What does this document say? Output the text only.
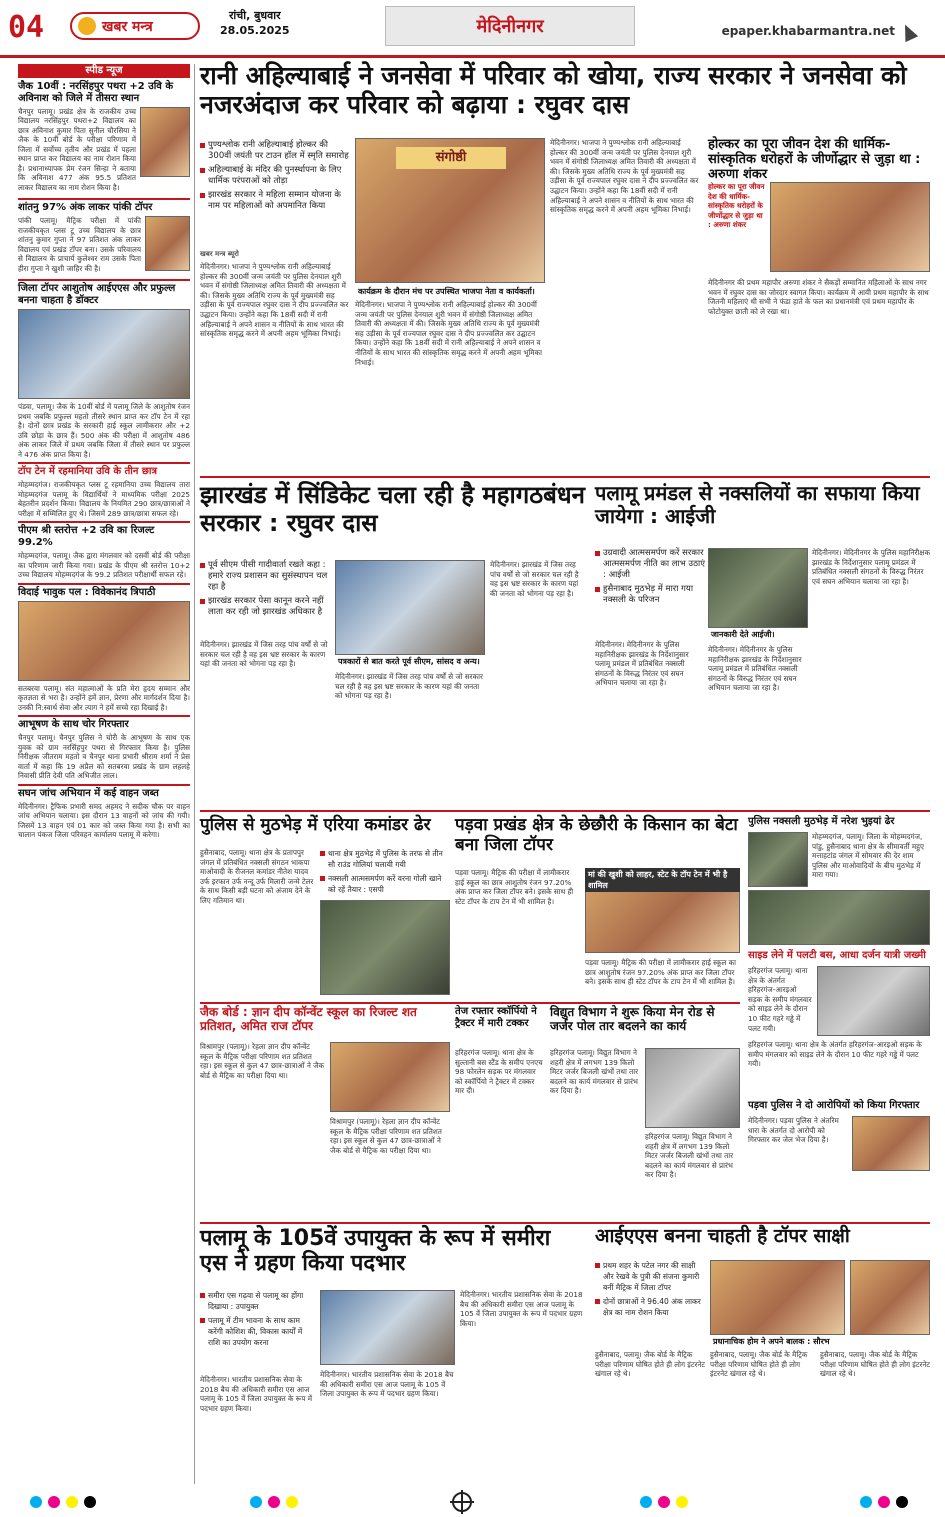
04	खबर मन्त्र
रांची, बुधवार
28.05.2025	मेदिनीनगर	epaper.khabarmantra.net
स्पीड न्यूज
जैक 10वीं : नरसिंहपुर पथरा +2 उवि के अविनाश को जिले में तीसरा स्थान
चैनपुर पलामू। प्रखंड क्षेत्र के राजकीय उच्च विद्यालय नरसिंहपुर पथरा+2 विद्यालय का छात्र अविनाश कुमार पिता सुनील चौरसिया ने जैक के 10वीं बोर्ड के परीक्षा परिणाम में जिला में सर्वोच्च तृतीय और प्रखंड में पहला स्थान प्राप्त कर विद्यालय का नाम रोशन किया है। प्रधानाध्यापक प्रेम रंजन सिन्हा ने बताया कि अविनाश 477 अंक 95.5 प्रतिशत लाकर विद्यालय का नाम रोशन किया है।
शांतनु 97% अंक लाकर पांकी टॉपर
पांकी पलामू। मैट्रिक परीक्षा में पांकी राजकीयकृत प्लस टू उच्च विद्यालय के छात्र शांतनु कुमार गुप्ता ने 97 प्रतिशत अंक लाकर विद्यालय एवं प्रखंड टॉपर बना। उसके परिवालय से विद्यालय के प्राचार्य कुलेश्वर राम उसके पिता हीरा गुप्ता ने खुशी जाहिर की है।
जिला टॉपर आशुतोष आईएएस और प्रफुल्ल बनना चाहता है डॉक्टर
पंडवा, पलामू। जैक के 10वीं बोर्ड में पलामू जिले के आशुतोष रंजन प्रथम जबकि प्रफुल्ल महतो तीसरे स्थान प्राप्त कर टॉप टेन में रहा है। दोनों छात्र प्रखंड के सरकारी हाई स्कूल लामीकरार और +2 उवि छोड़ा के छात्र हैं। 500 अंक की परीक्षा में आशुतोष 486 अंक लाकर जिले में प्रथम जबकि जिला में तीसरे स्थान पर प्रफुल्ल ने 476 अंक प्राप्त किया है।
टॉप टेन में रहमानिया उवि के तीन छात्र
मोहम्मदगंज। राजकीयकृत प्लस टू रहमानिया उच्च विद्यालय तारा मोहम्मदगंज पलामू के विद्यार्थियों ने माध्यमिक परीक्षा 2025 बेहतरीन प्रदर्शन किया। विद्यालय के नियमित 290 छात्र/छात्राओं ने परीक्षा में सम्मिलित हुए थे। जिसमें 289 छात्र/छात्रा सफल रहे।
पीएम श्री स्तरोत्त +2 उवि का रिजल्ट 99.2%
मोहम्मदगंज, पलामू। जैक द्वारा मंगलवार को दसवीं बोर्ड की परीक्षा का परिणाम जारी किया गया। प्रखंड के पीएम श्री स्तरोत्त 10+2 उच्च विद्यालय मोहम्मदगंज के 99.2 प्रतिशत परीक्षार्थी सफल रहे।
विदाई भावुक पल : विवेकानंद त्रिपाठी
सतबरवा पलामू। संत महात्माओं के प्रति मेरा हृदय सम्मान और कृतज्ञता से भरा है। उन्होंने हमें ज्ञान, प्रेरणा और मार्गदर्शन दिया है। उनकी नि:स्वार्थ सेवा और त्याग ने हमें सच्चे रहा दिखाई है।
आभूषण के साथ चोर गिरफ्तार
चैनपुर पलामू। चैनपुर पुलिस ने चोरी के आभूषण के साथ एक युवक को ग्राम नरसिंहपुर पथरा से गिरफ्तार किया है। पुलिस निरीक्षक जीतराम महतो व चैनपुर थाना प्रभारी श्रीराम शर्मा ने प्रेस वार्ता में कहा कि 19 अप्रैल को सतबरवा प्रखंड के ग्राम लहलहे निवासी प्रीति देवी पति अभिजीत लाल।
सघन जांच अभियान में कई वाहन जब्त
मेदिनीनगर। ट्रैफिक प्रभारी समद अहमद ने सदीक चौक पर वाहन जांच अभियान चलाया। इस दौरान 13 वाहनों को जांच की गयी। जिसमें 13 वाहन एवं 01 कार को जब्त किया गया है। सभी का चालान पंकज जिला परिवहन कार्यालय पलामू में करेगा।
रानी अहिल्याबाई ने जनसेवा में परिवार को खोया, राज्य सरकार ने जनसेवा को नजरअंदाज कर परिवार को बढ़ाया : रघुवर दास
पुण्यश्लोक रानी अहिल्याबाई होल्कर की 300वीं जयंती पर टाउन हॉल में स्मृति समारोह
अहिल्याबाई के मंदिर की पुनर्स्थापना के लिए धार्मिक परंपराओं को तोड़ा
झारखंड सरकार ने महिला सम्मान योजना के नाम पर महिलाओं को अपमानित किया
खबर मन्त्र ब्यूरो
संगोष्ठी
कार्यक्रम के दौरान मंच पर उपस्थित भाजपा नेता व कार्यकर्ता।
मेदिनीनगर। भाजपा ने पुण्यश्लोक रानी अहिल्याबाई होल्कर की 300वीं जन्म जयंती पर पुलिस देनयाल शुरी भवन में संगोष्ठी जिलाध्यक्ष अमित तिवारी की अध्यक्षता में की। जिसके मुख्य अतिथि राज्य के पूर्व मुख्यमंत्री सह उड़ीसा के पूर्व राज्यपाल रघुवर दास ने दीप प्रज्ज्वलित कर उद्घाटन किया। उन्होंने कहा कि 18वीं सदी में रानी अहिल्याबाई ने अपने शासन व नीतियों के साथ भारत की सांस्कृतिक समृद्ध करने में अपनी अहम भूमिका निभाई।
मेदिनीनगर। भाजपा ने पुण्यश्लोक रानी अहिल्याबाई होल्कर की 300वीं जन्म जयंती पर पुलिस देनयाल शुरी भवन में संगोष्ठी जिलाध्यक्ष अमित तिवारी की अध्यक्षता में की। जिसके मुख्य अतिथि राज्य के पूर्व मुख्यमंत्री सह उड़ीसा के पूर्व राज्यपाल रघुवर दास ने दीप प्रज्ज्वलित कर उद्घाटन किया। उन्होंने कहा कि 18वीं सदी में रानी अहिल्याबाई ने अपने शासन व नीतियों के साथ भारत की सांस्कृतिक समृद्ध करने में अपनी अहम भूमिका निभाई।
मेदिनीनगर। भाजपा ने पुण्यश्लोक रानी अहिल्याबाई होल्कर की 300वीं जन्म जयंती पर पुलिस देनयाल शुरी भवन में संगोष्ठी जिलाध्यक्ष अमित तिवारी की अध्यक्षता में की। जिसके मुख्य अतिथि राज्य के पूर्व मुख्यमंत्री सह उड़ीसा के पूर्व राज्यपाल रघुवर दास ने दीप प्रज्ज्वलित कर उद्घाटन किया। उन्होंने कहा कि 18वीं सदी में रानी अहिल्याबाई ने अपने शासन व नीतियों के साथ भारत की सांस्कृतिक समृद्ध करने में अपनी अहम भूमिका निभाई।
होल्कर का पूरा जीवन देश की धार्मिक-सांस्कृतिक धरोहरों के जीर्णोद्धार से जुड़ा था : अरुणा शंकर
होल्कर का पूरा जीवन देश की धार्मिक-सांस्कृतिक धरोहरों के जीर्णोद्धार से जुड़ा था : अरुणा शंकर
मेदिनीनगर की प्रथम महापौर अरुणा शंकर ने सैकड़ों सम्मानित महिलाओं के साथ नगर भवन में रघुवर दास का जोरदार स्वागत किया। कार्यक्रम में आयी प्रथम महापौर के साथ जितनी महिलाएं थी सभी ने फंडा हाते के फल का प्रधानमंत्री एवं प्रथम महापौर के फोटोयुक्त छाती को ले रखा था।
झारखंड में सिंडिकेट चला रही है महागठबंधन सरकार : रघुवर दास
पूर्व सीएम पीसी गादीवार्ता रखते कहा : हमारे राज्य प्रशासन का सुसंस्थापन चल रहा है
झारखंड सरकार पेसा कानून करने नहीं लाता कर रही जो झारखंड अधिकार है
पत्रकारों से बात करते पूर्व सीएम, सांसद व अन्य।
मेदिनीनगर। झारखंड में जिस तरह पांच वर्षों से जो सरकार चल रही है वह इस भ्रष्ट सरकार के कारण यहां की जनता को भोगना पड़ रहा है।
मेदिनीनगर। झारखंड में जिस तरह पांच वर्षों से जो सरकार चल रही है वह इस भ्रष्ट सरकार के कारण यहां की जनता को भोगना पड़ रहा है।
मेदिनीनगर। झारखंड में जिस तरह पांच वर्षों से जो सरकार चल रही है वह इस भ्रष्ट सरकार के कारण यहां की जनता को भोगना पड़ रहा है।
पलामू प्रमंडल से नक्सलियों का सफाया किया जायेगा : आईजी
उग्रवादी आत्मसमर्पण करें सरकार आत्मसमर्पण नीति का लाभ उठाएं : आईजी
हुसैनाबाद मुठभेड़ में मारा गया नक्सली के परिजन
जानकारी देते आईजी।
मेदिनीनगर। मेदिनीनगर के पुलिस महानिरीक्षक झारखंड के निर्देशानुसार पलामू प्रमंडल में प्रतिबंधित नक्सली संगठनों के विरुद्ध निरंतर एवं सघन अभियान चलाया जा रहा है।
मेदिनीनगर। मेदिनीनगर के पुलिस महानिरीक्षक झारखंड के निर्देशानुसार पलामू प्रमंडल में प्रतिबंधित नक्सली संगठनों के विरुद्ध निरंतर एवं सघन अभियान चलाया जा रहा है।
मेदिनीनगर। मेदिनीनगर के पुलिस महानिरीक्षक झारखंड के निर्देशानुसार पलामू प्रमंडल में प्रतिबंधित नक्सली संगठनों के विरुद्ध निरंतर एवं सघन अभियान चलाया जा रहा है।
पुलिस से मुठभेड़ में एरिया कमांडर ढेर
थाना क्षेत्र मुठभेड़ में पुलिस के तरफ से तीन सौ राउंड गोलियां चलायी गयी
नक्सली आत्मसमर्पण करें वरना गोली खाने को रहें तैयार : एसपी
हुसैनाबाद, पलामू। थाना क्षेत्र के प्रतापपुर जंगल में प्रतिबंधित नक्सली संगठन भाकपा माओवादी के रीजनल कमांडर नीतेश यादव उर्फ इरफान उर्फ नन्दू उर्फ मिलारी जन्मे टेलर के साथ किसी बड़ी घटना को अंजाम देने के लिए गतिमान था।
पड़वा प्रखंड क्षेत्र के छेछौरी के किसान का बेटा बना जिला टॉपर
पड़वा पलामू। मैट्रिक की परीक्षा में लामीकरार हाई स्कूल का छात्र आशुतोष रंजन 97.20% अंक प्राप्त कर जिला टॉपर बने। इसके साथ ही स्टेट टॉपर के टाप टेन में भी शामिल है।
मां की खुशी को लाहर, स्टेट के टॉप टेन में भी है शामिल
पड़वा पलामू। मैट्रिक की परीक्षा में लामीकरार हाई स्कूल का छात्र आशुतोष रंजन 97.20% अंक प्राप्त कर जिला टॉपर बने। इसके साथ ही स्टेट टॉपर के टाप टेन में भी शामिल है।
पुलिस नक्सली मुठभेड़ में नरेश भुइयां ढेर
मोहम्मदगंज, पलामू। जिला के मोहम्मदगंज, पांडु, हुसैनाबाद थाना क्षेत्र के सीमावर्ती महुए मत्ताहटांड जंगल में सोमवार की देर शाम पुलिस और माओवादियों के बीच मुठभेड़ में मारा गया।
जैक बोर्ड : ज्ञान दीप कॉन्वेंट स्कूल का रिजल्ट शत प्रतिशत, अमित राज टॉपर
विश्रामपुर (पलामू)। रेहला ज्ञान दीप कॉन्वेंट स्कूल के मैट्रिक परीक्षा परिणाम शत प्रतिशत रहा। इस स्कूल से कुल 47 छात्र-छात्राओं ने जैक बोर्ड से मैट्रिक का परीक्षा दिया था।
विश्रामपुर (पलामू)। रेहला ज्ञान दीप कॉन्वेंट स्कूल के मैट्रिक परीक्षा परिणाम शत प्रतिशत रहा। इस स्कूल से कुल 47 छात्र-छात्राओं ने जैक बोर्ड से मैट्रिक का परीक्षा दिया था।
तेज रफ्तार स्कॉर्पियो ने ट्रैक्टर में मारी टक्कर
हरिहरगंज पलामू। थाना क्षेत्र के सुल्तानी बस स्टैंड के समीप एनएच 98 फोरलेन सड़क पर मंगलवार को स्कॉर्पियो ने ट्रैक्टर में टक्कर मार दी।
विद्युत विभाग ने शुरू किया मेन रोड से जर्जर पोल तार बदलने का कार्य
हरिहरगंज पलामू। विद्युत विभाग ने शहरी क्षेत्र में लगभग 139 किलो मिटर जर्जर बिजली खंभों तथा तार बदलने का कार्य मंगलवार से प्रारंभ कर दिया है।
हरिहरगंज पलामू। विद्युत विभाग ने शहरी क्षेत्र में लगभग 139 किलो मिटर जर्जर बिजली खंभों तथा तार बदलने का कार्य मंगलवार से प्रारंभ कर दिया है।
साइड लेने में पलटी बस, आधा दर्जन यात्री जख्मी
हरिहरगंज पलामू। थाना क्षेत्र के अंतर्गत हरिहरगंज-आरइओ सड़क के समीप मंगलवार को साइड लेने के दौरान 10 फीट गहरे गड्ढे में पलट गयी।
हरिहरगंज पलामू। थाना क्षेत्र के अंतर्गत हरिहरगंज-आरइओ सड़क के समीप मंगलवार को साइड लेने के दौरान 10 फीट गहरे गड्ढे में पलट गयी।
पड़वा पुलिस ने दो आरोपियों को किया गिरफ्तार
मेदिनीनगर। पड़वा पुलिस ने अंतरिम धारा के अंतर्गत दो आरोपी को गिरफ्तार कर जेल भेज दिया है।
पलामू के 105वें उपायुक्त के रूप में समीरा एस ने ग्रहण किया पदभार
समीरा एस गढ़वा से पलामू का होंगा दिखाया : उपायुक्त
पलामू में टीम भावना के साथ काम करेंगी कोशिश की, विकास कार्यों में राशि का उपयोग करना
मेदिनीनगर। भारतीय प्रशासनिक सेवा के 2018 बैच की अधिकारी समीरा एस आज पलामू के 105 वें जिला उपायुक्त के रूप में पदभार ग्रहण किया।
मेदिनीनगर। भारतीय प्रशासनिक सेवा के 2018 बैच की अधिकारी समीरा एस आज पलामू के 105 वें जिला उपायुक्त के रूप में पदभार ग्रहण किया।
मेदिनीनगर। भारतीय प्रशासनिक सेवा के 2018 बैच की अधिकारी समीरा एस आज पलामू के 105 वें जिला उपायुक्त के रूप में पदभार ग्रहण किया।
आईएएस बनना चाहती है टॉपर साक्षी
प्रथम शहर के पटेल नगर की साक्षी और रेखवे के पुत्री की संजना कुमारी बनीं मैट्रिक में जिला टॉपर
दोनों छात्राओं ने 96.40 अंक लाकर क्षेत्र का नाम रोशन किया
प्रधानाचिक होम ने अपने बालक : सौरभ
हुसैनाबाद, पलामू। जैक बोर्ड के मैट्रिक परीक्षा परिणाम घोषित होते ही लोग इंटरनेट खंगाल रहे थे।
हुसैनाबाद, पलामू। जैक बोर्ड के मैट्रिक परीक्षा परिणाम घोषित होते ही लोग इंटरनेट खंगाल रहे थे।
हुसैनाबाद, पलामू। जैक बोर्ड के मैट्रिक परीक्षा परिणाम घोषित होते ही लोग इंटरनेट खंगाल रहे थे।
